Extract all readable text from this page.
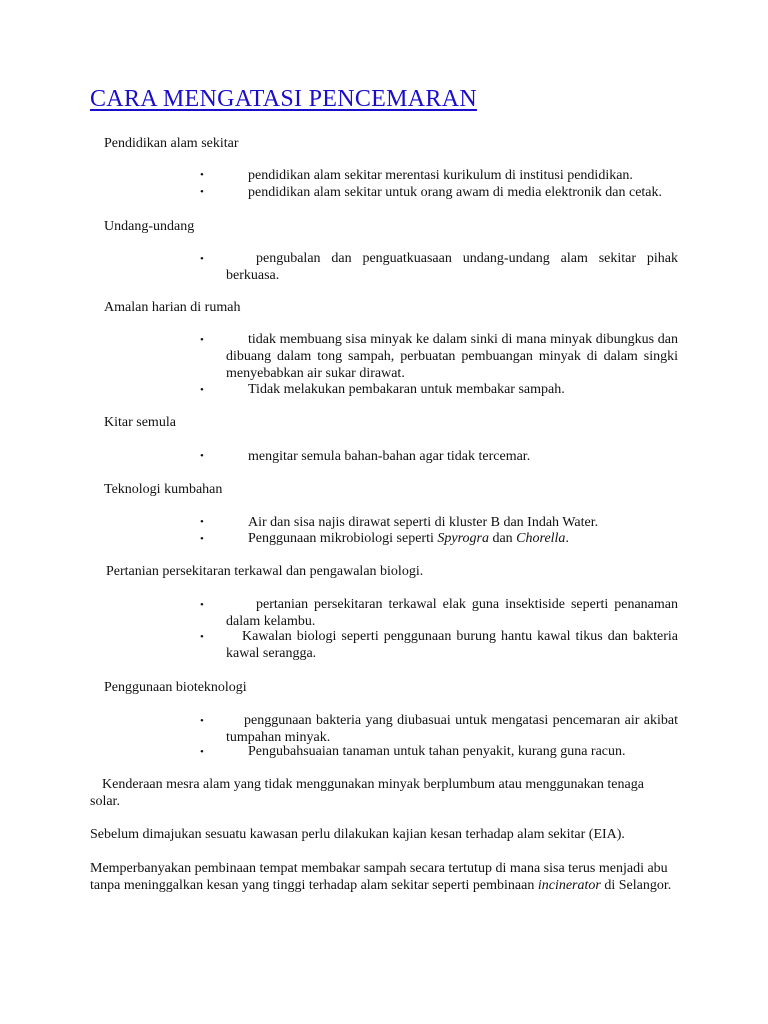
CARA MENGATASI PENCEMARAN

Pendidikan alam sekitar

•	pendidikan alam sekitar merentasi kurikulum di institusi pendidikan.

•	pendidikan alam sekitar untuk orang awam di media elektronik dan cetak.

Undang-undang

•	pengubalan dan penguatkuasaan undang-undang alam sekitar pihak berkuasa.

Amalan harian di rumah

•	tidak membuang sisa minyak ke dalam sinki di mana minyak dibungkus dan dibuang dalam tong sampah, perbuatan pembuangan minyak di dalam singki menyebabkan air sukar dirawat.

•	Tidak melakukan pembakaran untuk membakar sampah.

Kitar semula

•	mengitar semula bahan-bahan agar tidak tercemar.

Teknologi kumbahan

•	Air dan sisa najis dirawat seperti di kluster B dan Indah Water.

•	Penggunaan mikrobiologi seperti Spyrogra dan Chorella.

Pertanian persekitaran terkawal dan pengawalan biologi.

•	pertanian persekitaran terkawal elak guna insektiside seperti penanaman dalam kelambu.

•	Kawalan biologi seperti penggunaan burung hantu kawal tikus dan bakteria kawal serangga.

Penggunaan bioteknologi

•	penggunaan bakteria yang diubasuai untuk mengatasi pencemaran air akibat tumpahan minyak.

•	Pengubahsuaian tanaman untuk tahan penyakit, kurang guna racun.

Kenderaan mesra alam yang tidak menggunakan minyak berplumbum atau menggunakan tenaga solar.

Sebelum dimajukan sesuatu kawasan perlu dilakukan kajian kesan terhadap alam sekitar (EIA).

Memperbanyakan pembinaan tempat membakar sampah secara tertutup di mana sisa terus menjadi abu tanpa meninggalkan kesan yang tinggi terhadap alam sekitar seperti pembinaan incinerator di Selangor.
